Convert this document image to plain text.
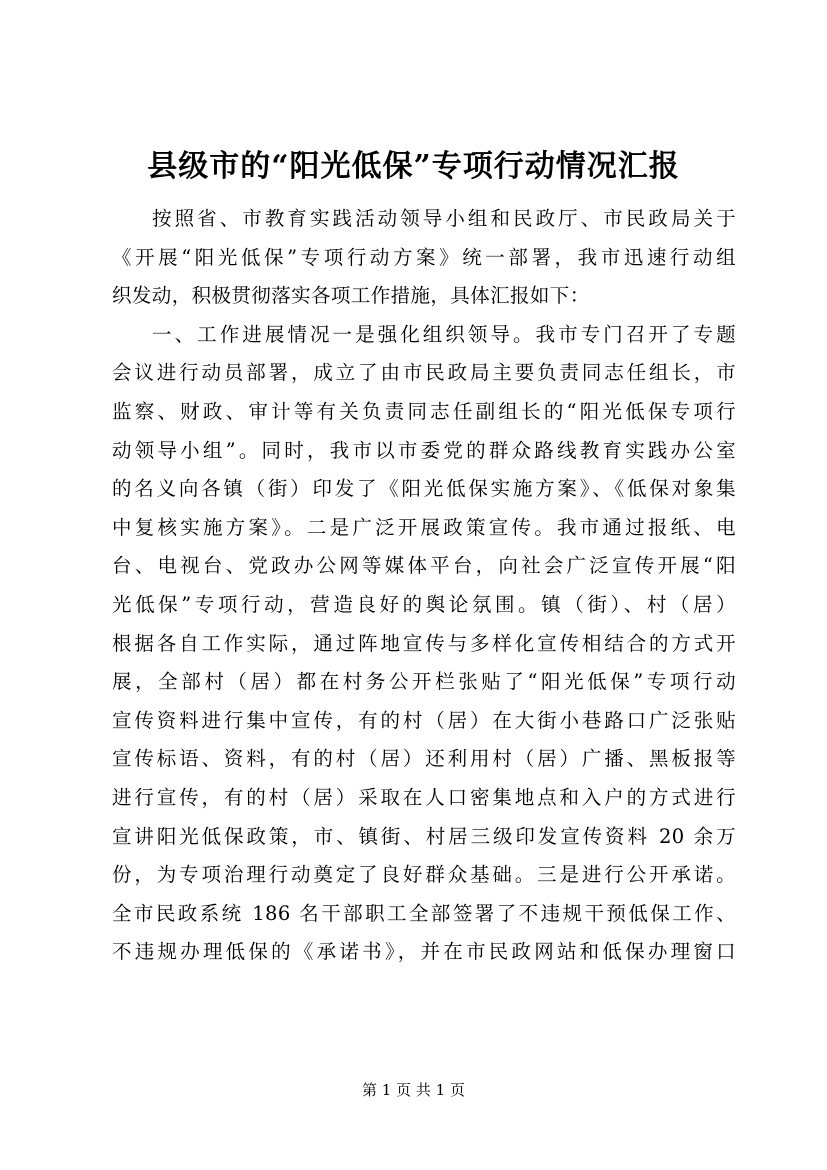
县级市的“阳光低保”专项行动情况汇报
按照省、市教育实践活动领导小组和民政厅、市民政局关于
《开展“阳光低保”专项行动方案》统一部署，我市迅速行动组
织发动，积极贯彻落实各项工作措施，具体汇报如下：
一、工作进展情况一是强化组织领导。我市专门召开了专题
会议进行动员部署，成立了由市民政局主要负责同志任组长，市
监察、财政、审计等有关负责同志任副组长的“阳光低保专项行
动领导小组”。同时，我市以市委党的群众路线教育实践办公室
的名义向各镇（街）印发了《阳光低保实施方案》、《低保对象集
中复核实施方案》。二是广泛开展政策宣传。我市通过报纸、电
台、电视台、党政办公网等媒体平台，向社会广泛宣传开展“阳
光低保”专项行动，营造良好的舆论氛围。镇（街）、村（居）
根据各自工作实际，通过阵地宣传与多样化宣传相结合的方式开
展，全部村（居）都在村务公开栏张贴了“阳光低保”专项行动
宣传资料进行集中宣传，有的村（居）在大街小巷路口广泛张贴
宣传标语、资料，有的村（居）还利用村（居）广播、黑板报等
进行宣传，有的村（居）采取在人口密集地点和入户的方式进行
宣讲阳光低保政策，市、镇街、村居三级印发宣传资料 20 余万
份，为专项治理行动奠定了良好群众基础。三是进行公开承诺。
全市民政系统 186 名干部职工全部签署了不违规干预低保工作、
不违规办理低保的《承诺书》，并在市民政网站和低保办理窗口
第 1 页 共 1 页
